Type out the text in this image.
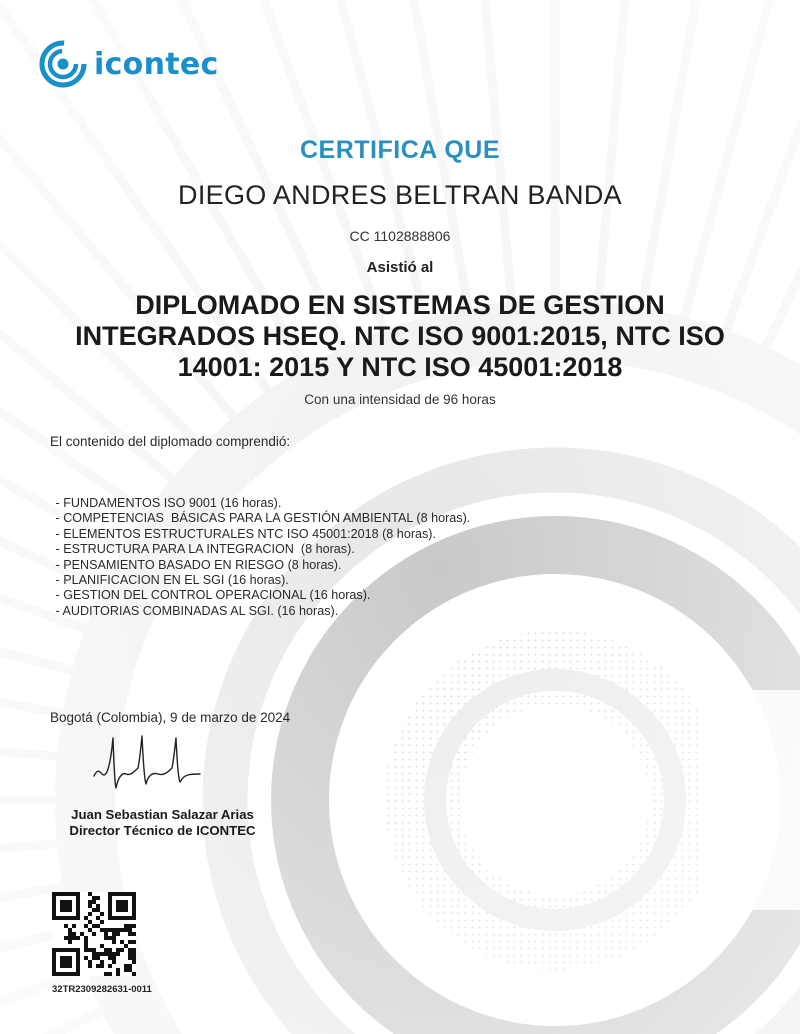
icontec
CERTIFICA QUE
DIEGO ANDRES BELTRAN BANDA
CC 1102888806
Asistió al
DIPLOMADO EN SISTEMAS DE GESTION
INTEGRADOS HSEQ. NTC ISO 9001:2015, NTC ISO
14001: 2015 Y NTC ISO 45001:2018
Con una intensidad de 96 horas
El contenido del diplomado comprendió:
- FUNDAMENTOS ISO 9001 (16 horas).
- COMPETENCIAS  BÁSICAS PARA LA GESTIÓN AMBIENTAL (8 horas).
- ELEMENTOS ESTRUCTURALES NTC ISO 45001:2018 (8 horas).
- ESTRUCTURA PARA LA INTEGRACION  (8 horas).
- PENSAMIENTO BASADO EN RIESGO (8 horas).
- PLANIFICACION EN EL SGI (16 horas).
- GESTION DEL CONTROL OPERACIONAL (16 horas).
- AUDITORIAS COMBINADAS AL SGI. (16 horas).
Bogotá (Colombia), 9 de marzo de 2024
Juan Sebastian Salazar Arias
Director Técnico de ICONTEC
32TR2309282631-0011
